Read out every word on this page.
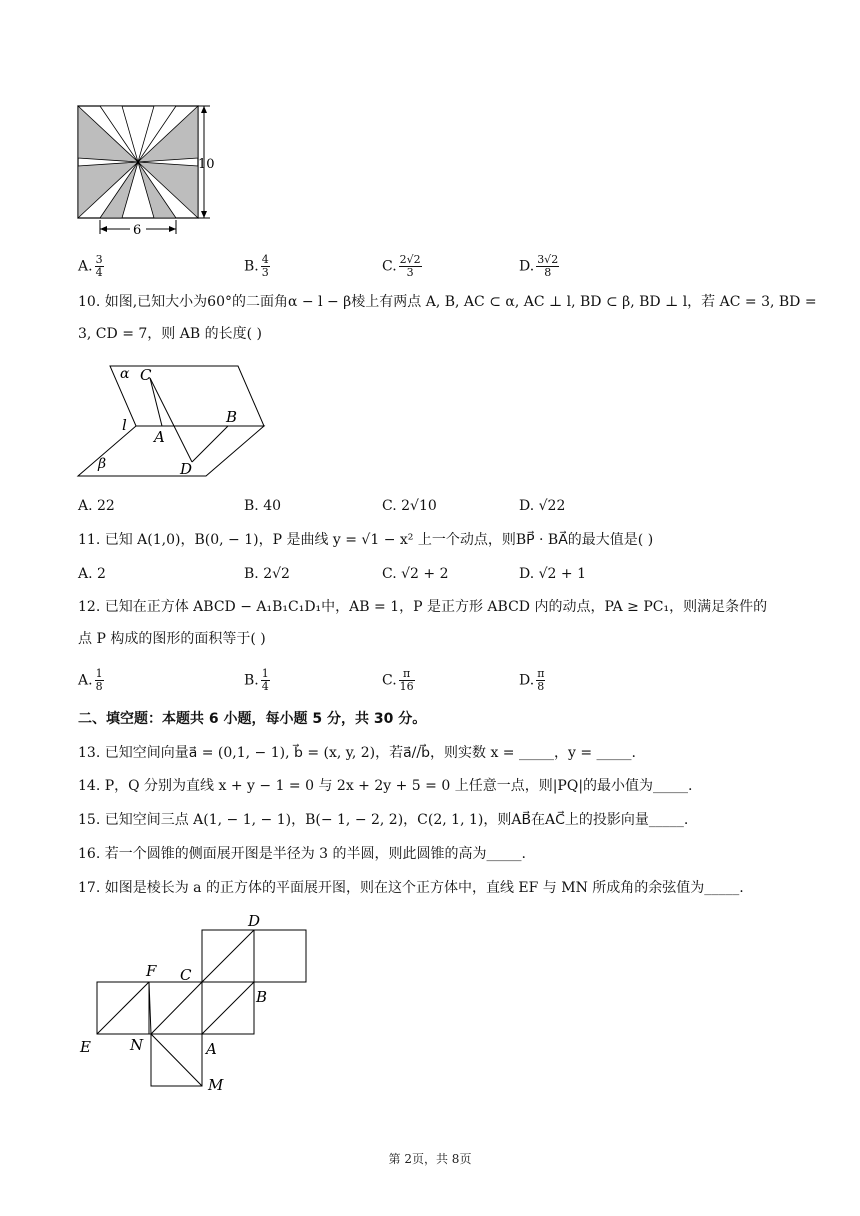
10
6
A. $\frac{3}{4}$	B. $\frac{4}{3}$	C. $\frac{2√2}{3}$	D. $\frac{3√2}{8}$
10. 如图,已知大小为60°的二面角α − l − β棱上有两点 A, B, AC ⊂ α, AC ⊥ l, BD ⊂ β, BD ⊥ l，若 AC = 3, BD =
3, CD = 7，则 AB 的长度( )
α C
l
A
B
β	D
A. 22	B. 40	C. 2√10	D. √22
11. 已知 A(1,0)，B(0, − 1)，P 是曲线 y = √1 − x² 上一个动点，则BP⃗ · BA⃗的最大值是( )
A. 2	B. 2√2	C. √2 + 2	D. √2 + 1
12. 已知在正方体 ABCD − A₁B₁C₁D₁中，AB = 1，P 是正方形 ABCD 内的动点，PA ≥ PC₁，则满足条件的
点 P 构成的图形的面积等于( )
A. $\frac{1}{8}$	B. $\frac{1}{4}$	C. $\frac{\pi}{16}$	D. $\frac{\pi}{8}$
二、填空题：本题共 6 小题，每小题 5 分，共 30 分。
13. 已知空间向量a⃗ = (0,1, − 1), b⃗ = (x, y, 2)，若a⃗//b⃗，则实数 x = _____，y = _____.
14. P，Q 分别为直线 x + y − 1 = 0 与 2x + 2y + 5 = 0 上任意一点，则|PQ|的最小值为_____.
15. 已知空间三点 A(1, − 1, − 1)，B(− 1, − 2, 2)，C(2, 1, 1)，则AB⃗在AC⃗上的投影向量_____.
16. 若一个圆锥的侧面展开图是半径为 3 的半圆，则此圆锥的高为_____.
17. 如图是棱长为 a 的正方体的平面展开图，则在这个正方体中，直线 EF 与 MN 所成角的余弦值为_____.
D
F C
B
E	N	A
M
第 2页，共 8页
